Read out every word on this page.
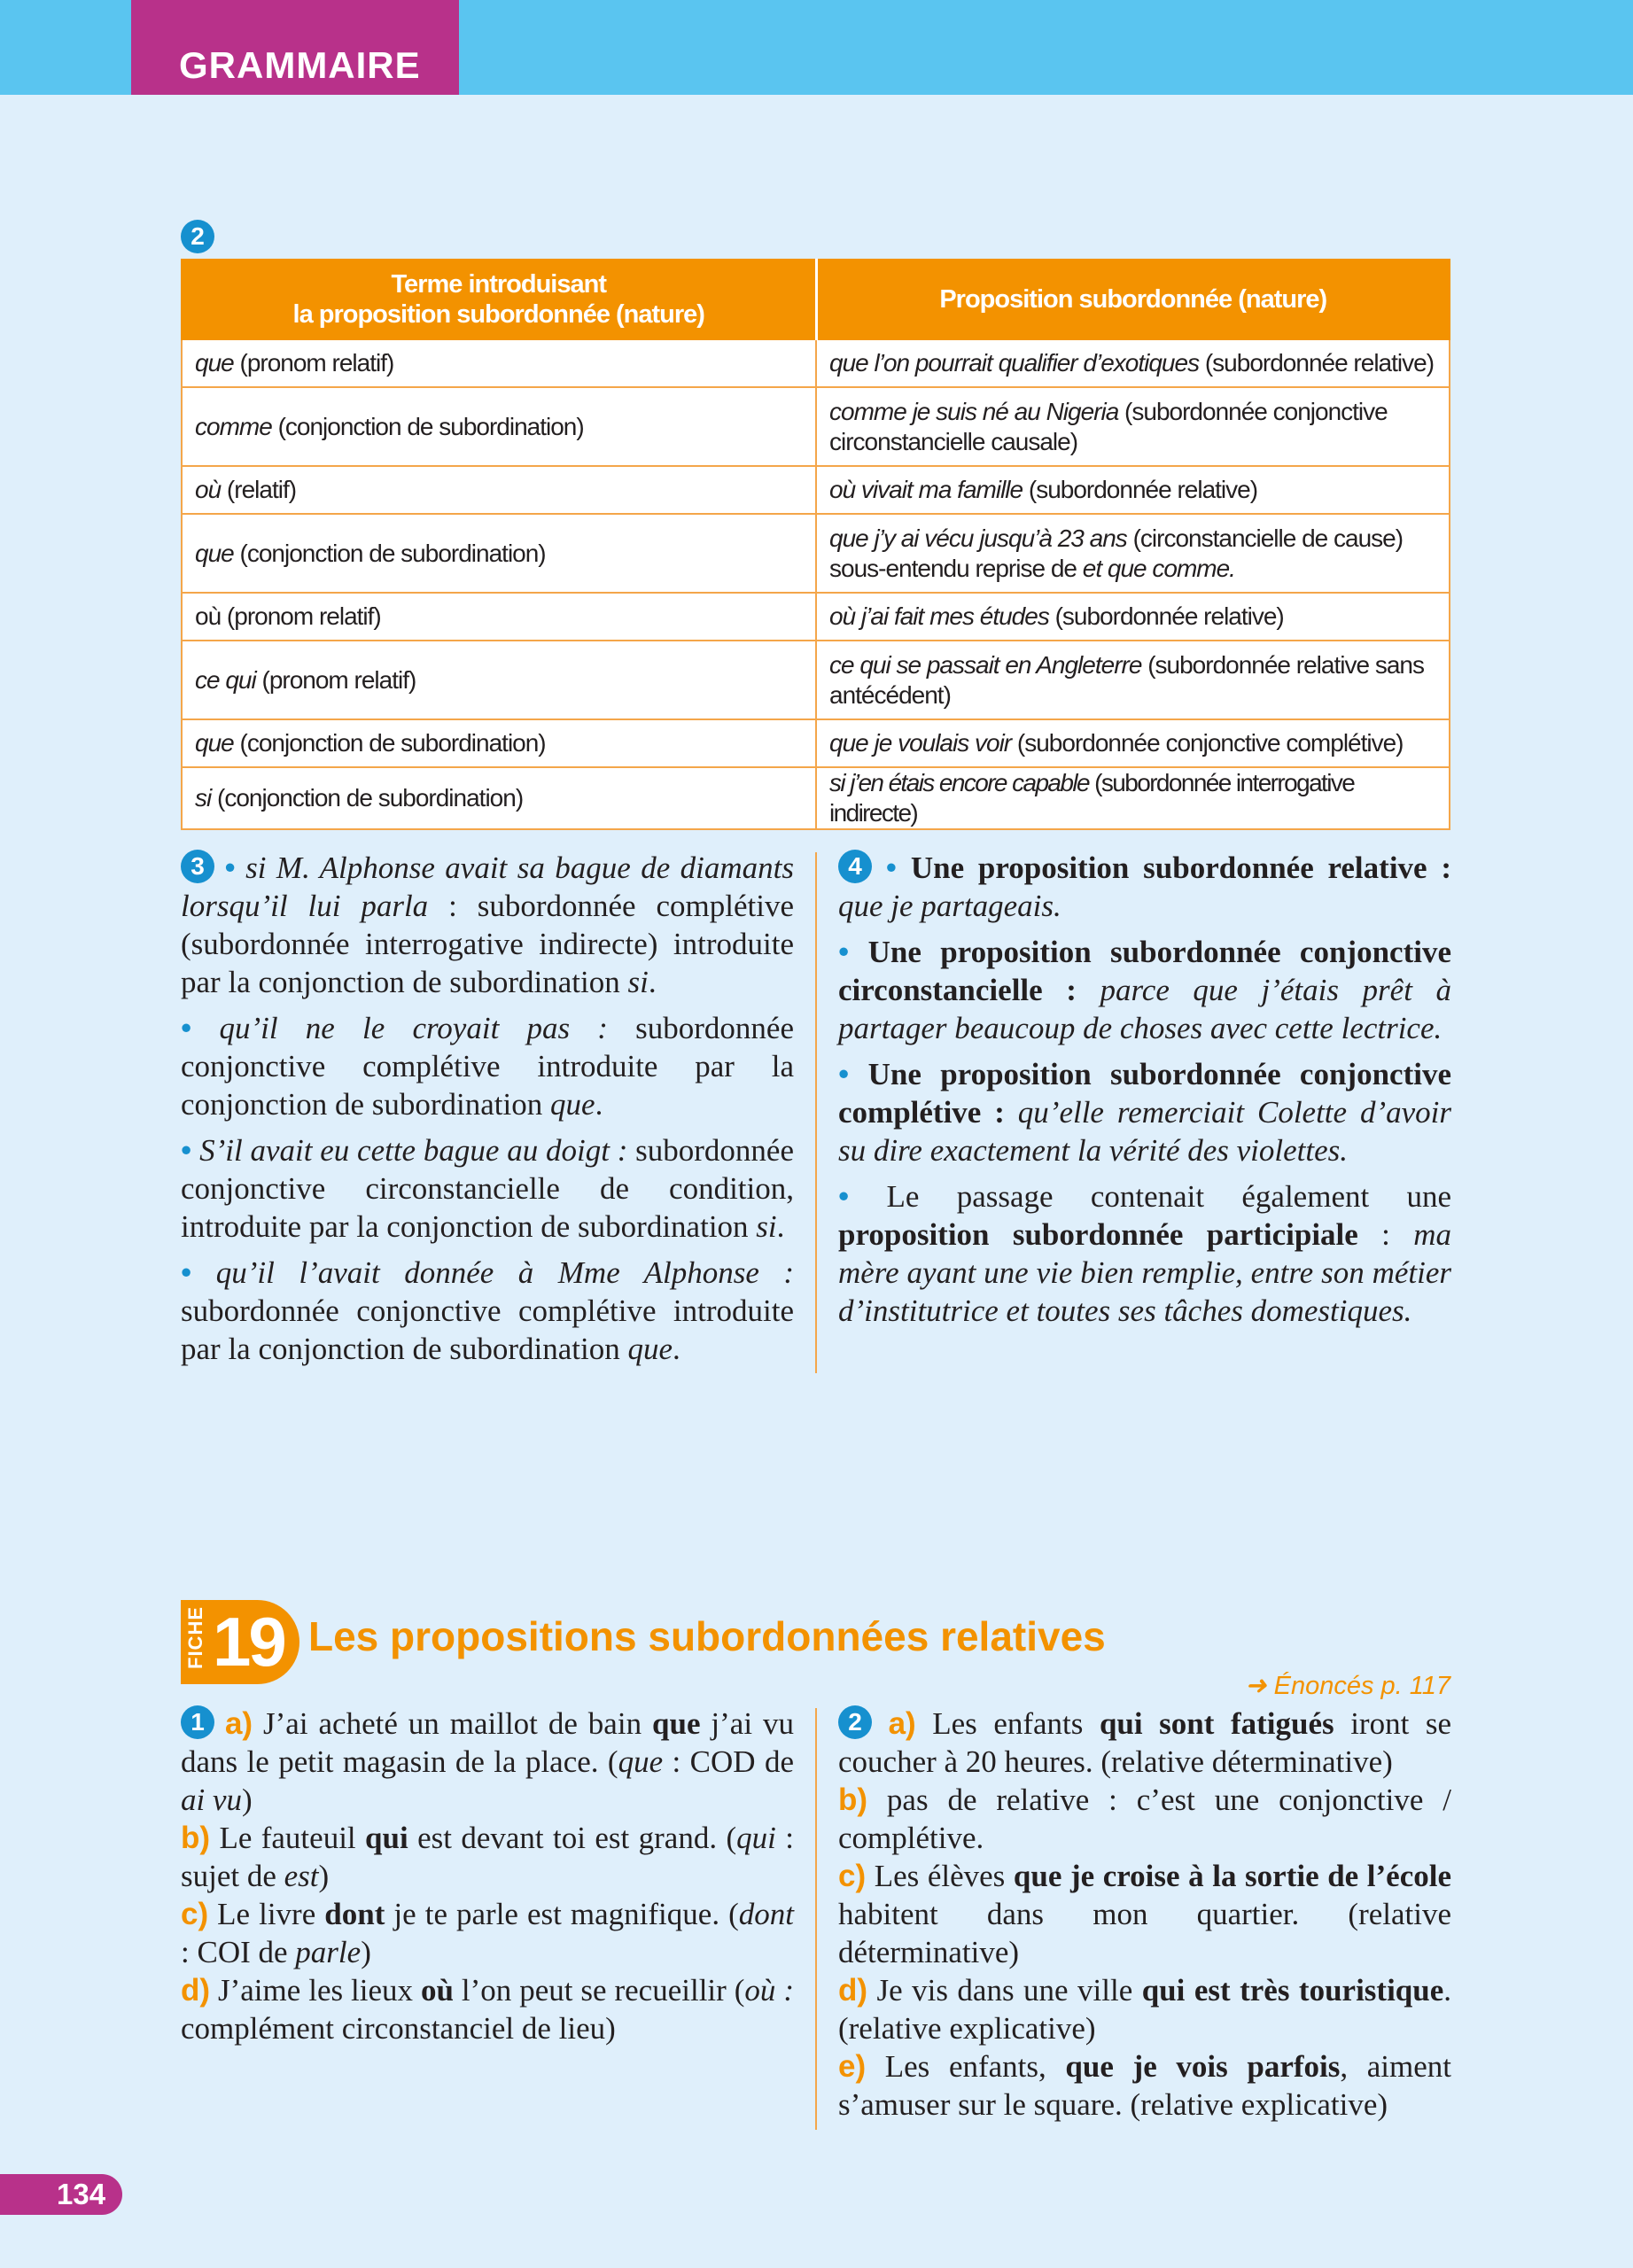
GRAMMAIRE
2
Terme introduisant
la proposition subordonnée (nature)	Proposition subordonnée (nature)
que (pronom relatif)	que l’on pourrait qualifier d’exotiques (subordonnée relative)
comme (conjonction de subordination)	comme je suis né au Nigeria (subordonnée conjonctive circonstancielle causale)
où (relatif)	où vivait ma famille (subordonnée relative)
que (conjonction de subordination)	que j’y ai vécu jusqu’à 23 ans (circonstancielle de cause) sous-entendu reprise de et que comme.
où (pronom relatif)	où j’ai fait mes études (subordonnée relative)
ce qui (pronom relatif)	ce qui se passait en Angleterre (subordonnée relative sans antécédent)
que (conjonction de subordination)	que je voulais voir (subordonnée conjonctive complétive)
si (conjonction de subordination)	si j’en étais encore capable (subordonnée interrogative indirecte)

3 • si M. Alphonse avait sa bague de diamants lorsqu’il lui parla : subordonnée complétive (subordonnée interrogative indirecte) introduite par la conjonction de subordination si.

• qu’il ne le croyait pas : subordonnée conjonctive complétive introduite par la conjonction de subordination que.

• S’il avait eu cette bague au doigt : subordonnée conjonctive circonstancielle de condition, introduite par la conjonction de subordination si.

• qu’il l’avait donnée à Mme Alphonse : subordonnée conjonctive complétive introduite par la conjonction de subordination que.

4 • Une proposition subordonnée relative : que je partageais.

• Une proposition subordonnée conjonctive circonstancielle : parce que j’étais prêt à partager beaucoup de choses avec cette lectrice.

• Une proposition subordonnée conjonctive complétive : qu’elle remerciait Colette d’avoir su dire exactement la vérité des violettes.

• Le passage contenait également une proposition subordonnée participiale : ma mère ayant une vie bien remplie, entre son métier d’institutrice et toutes ses tâches domestiques.

FICHE 19 Les propositions subordonnées relatives
➜ Énoncés p. 117
1 a) J’ai acheté un maillot de bain que j’ai vu dans le petit magasin de la place. (que : COD de ai vu)
b) Le fauteuil qui est devant toi est grand. (qui : sujet de est)
c) Le livre dont je te parle est magnifique. (dont : COI de parle)
d) J’aime les lieux où l’on peut se recueillir (où : complément circonstanciel de lieu)
2 a) Les enfants qui sont fatigués iront se coucher à 20 heures. (relative déterminative)
b) pas de relative : c’est une conjonctive / complétive.
c) Les élèves que je croise à la sortie de l’école habitent dans mon quartier. (relative déterminative)
d) Je vis dans une ville qui est très touristique. (relative explicative)
e) Les enfants, que je vois parfois, aiment s’amuser sur le square. (relative explicative)
134
